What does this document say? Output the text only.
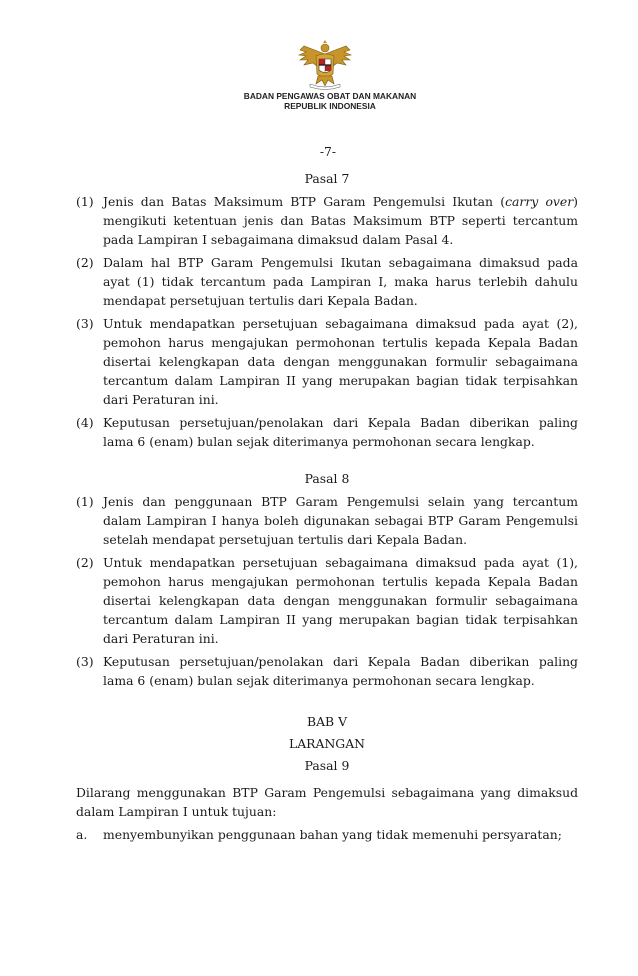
BADAN PENGAWAS OBAT DAN MAKANAN
REPUBLIK INDONESIA
-7-
Pasal 7
(1) Jenis dan Batas Maksimum BTP Garam Pengemulsi Ikutan (carry over) mengikuti ketentuan jenis dan Batas Maksimum BTP seperti tercantum pada Lampiran I sebagaimana dimaksud dalam Pasal 4.
(2) Dalam hal BTP Garam Pengemulsi Ikutan sebagaimana dimaksud pada ayat (1) tidak tercantum pada Lampiran I, maka harus terlebih dahulu mendapat persetujuan tertulis dari Kepala Badan.
(3) Untuk mendapatkan persetujuan sebagaimana dimaksud pada ayat (2), pemohon harus mengajukan permohonan tertulis kepada Kepala Badan disertai kelengkapan data dengan menggunakan formulir sebagaimana tercantum dalam Lampiran II yang merupakan bagian tidak terpisahkan dari Peraturan ini.
(4) Keputusan persetujuan/penolakan dari Kepala Badan diberikan paling lama 6 (enam) bulan sejak diterimanya permohonan secara lengkap.
Pasal 8
(1) Jenis dan penggunaan BTP Garam Pengemulsi selain yang tercantum dalam Lampiran I hanya boleh digunakan sebagai BTP Garam Pengemulsi setelah mendapat persetujuan tertulis dari Kepala Badan.
(2) Untuk mendapatkan persetujuan sebagaimana dimaksud pada ayat (1), pemohon harus mengajukan permohonan tertulis kepada Kepala Badan disertai kelengkapan data dengan menggunakan formulir sebagaimana tercantum dalam Lampiran II yang merupakan bagian tidak terpisahkan dari Peraturan ini.
(3) Keputusan persetujuan/penolakan dari Kepala Badan diberikan paling lama 6 (enam) bulan sejak diterimanya permohonan secara lengkap.
BAB V
LARANGAN
Pasal 9
Dilarang menggunakan BTP Garam Pengemulsi sebagaimana yang dimaksud dalam Lampiran I untuk tujuan:
a. menyembunyikan penggunaan bahan yang tidak memenuhi persyaratan;
